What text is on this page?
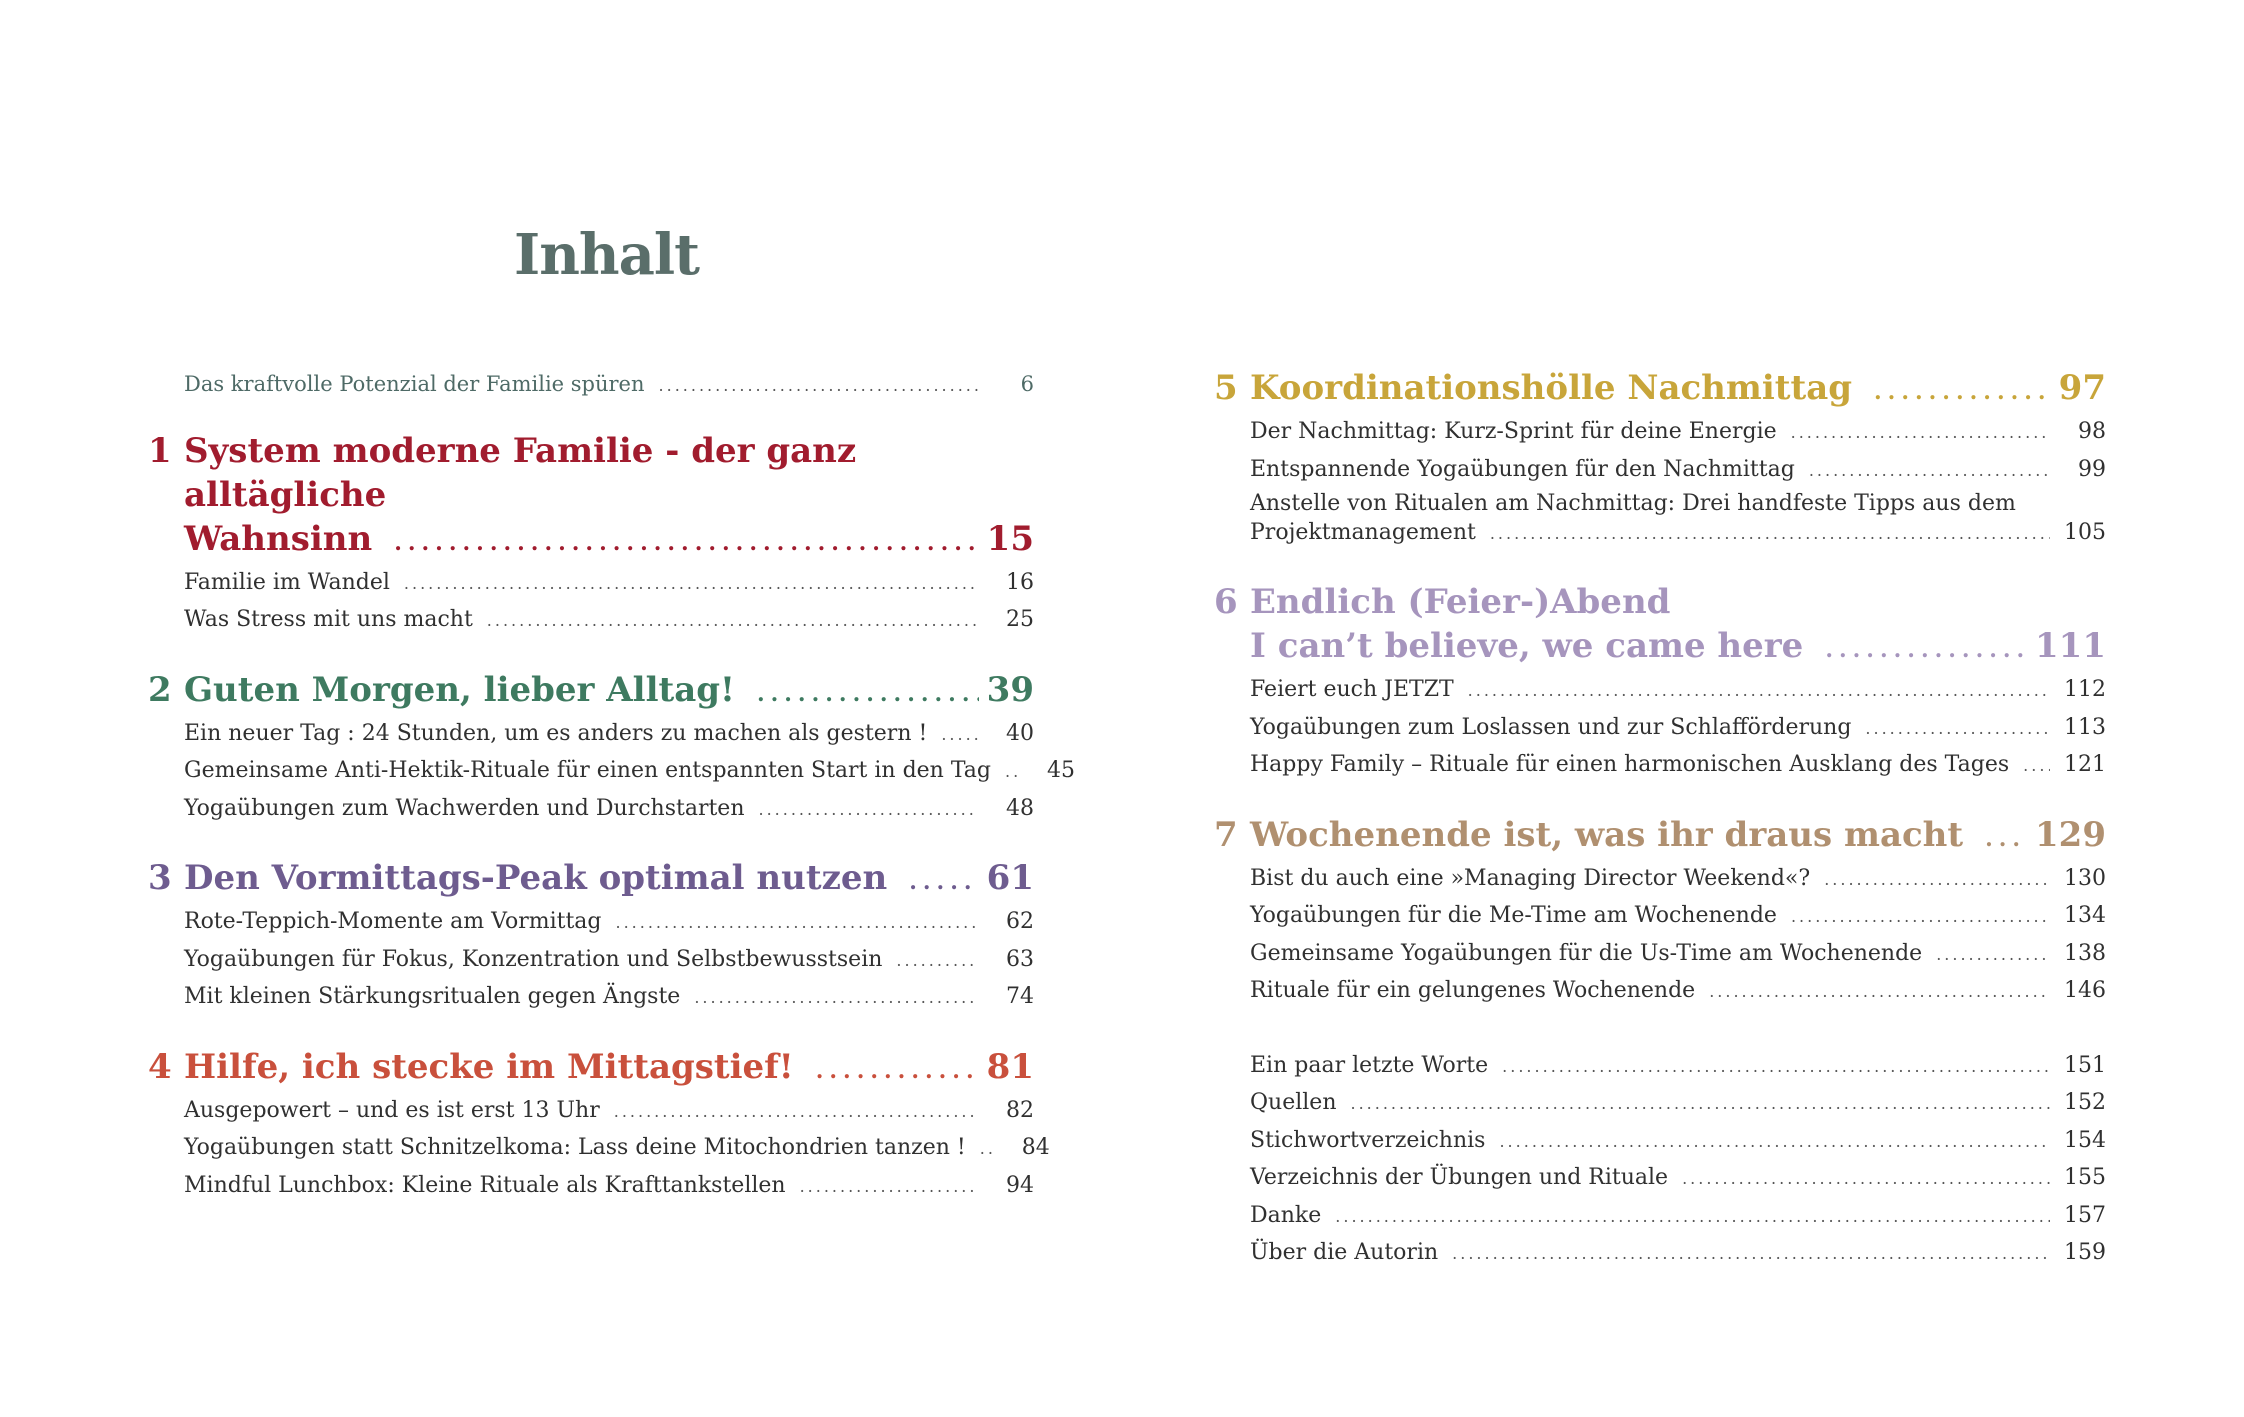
Inhalt
Das kraftvolle Potenzial der Familie spüren .....	6
1 System moderne Familie - der ganz alltägliche
Wahnsinn .....	15
Familie im Wandel .....	16
Was Stress mit uns macht .....	25
2 Guten Morgen, lieber Alltag! .....	39
Ein neuer Tag : 24 Stunden, um es anders zu machen als gestern ! .....	40
Gemeinsame Anti-Hektik-Rituale für einen entspannten Start in den Tag .....	45
Yogaübungen zum Wachwerden und Durchstarten .....	48
3 Den Vormittags-Peak optimal nutzen .....	61
Rote-Teppich-Momente am Vormittag .....	62
Yogaübungen für Fokus, Konzentration und Selbstbewusstsein .....	63
Mit kleinen Stärkungsritualen gegen Ängste .....	74
4 Hilfe, ich stecke im Mittagstief! .....	81
Ausgepowert – und es ist erst 13 Uhr .....	82
Yogaübungen statt Schnitzelkoma: Lass deine Mitochondrien tanzen ! .....	84
Mindful Lunchbox: Kleine Rituale als Krafttankstellen .....	94
5 Koordinationshölle Nachmittag .....	97
Der Nachmittag: Kurz-Sprint für deine Energie .....	98
Entspannende Yogaübungen für den Nachmittag .....	99
Anstelle von Ritualen am Nachmittag: Drei handfeste Tipps aus dem
Projektmanagement .....	105
6 Endlich (Feier-)Abend
I can’t believe, we came here .....	111
Feiert euch JETZT .....	112
Yogaübungen zum Loslassen und zur Schlafförderung .....	113
Happy Family – Rituale für einen harmonischen Ausklang des Tages ..... 121
7 Wochenende ist, was ihr draus macht ..... 129
Bist du auch eine »Managing Director Weekend«? .....	130
Yogaübungen für die Me-Time am Wochenende .....	134
Gemeinsame Yogaübungen für die Us-Time am Wochenende .....	138
Rituale für ein gelungenes Wochenende .....	146
Ein paar letzte Worte .....	151
Quellen .....	152
Stichwortverzeichnis .....	154
Verzeichnis der Übungen und Rituale .....	155
Danke .....	157
Über die Autorin .....	159
